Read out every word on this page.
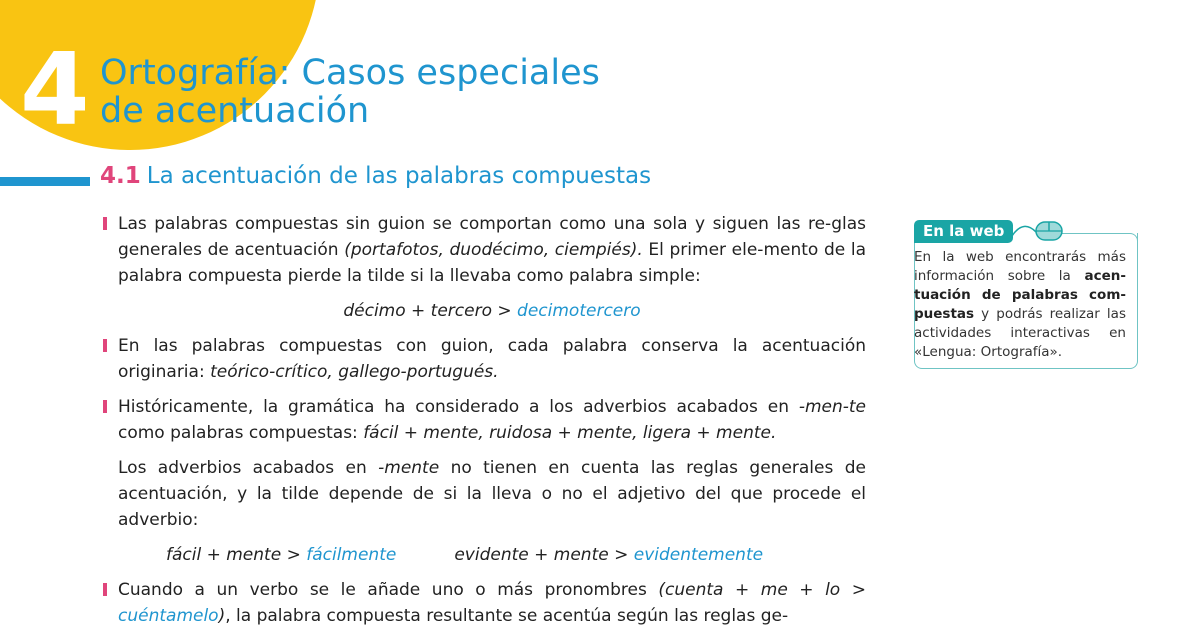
4 Ortografía: Casos especiales
de acentuación
4.1 La acentuación de las palabras compuestas
Las palabras compuestas sin guion se comportan como una sola y siguen las re-glas generales de acentuación (portafotos, duodécimo, ciempiés). El primer ele-mento de la palabra compuesta pierde la tilde si la llevaba como palabra simple:
décimo + tercero > decimotercero
En las palabras compuestas con guion, cada palabra conserva la acentuación originaria: teórico-crítico, gallego-portugués.
Históricamente, la gramática ha considerado a los adverbios acabados en -men-te como palabras compuestas: fácil + mente, ruidosa + mente, ligera + mente.
Los adverbios acabados en -mente no tienen en cuenta las reglas generales de acentuación, y la tilde depende de si la lleva o no el adjetivo del que procede el adverbio:
fácil + mente > fácilmente	evidente + mente > evidentemente
Cuando a un verbo se le añade uno o más pronombres (cuenta + me + lo > cuéntamelo), la palabra compuesta resultante se acentúa según las reglas ge-
En la web
En la web encontrarás más información sobre la acen-tuación de palabras com-puestas y podrás realizar las actividades interactivas en «Lengua: Ortografía».
